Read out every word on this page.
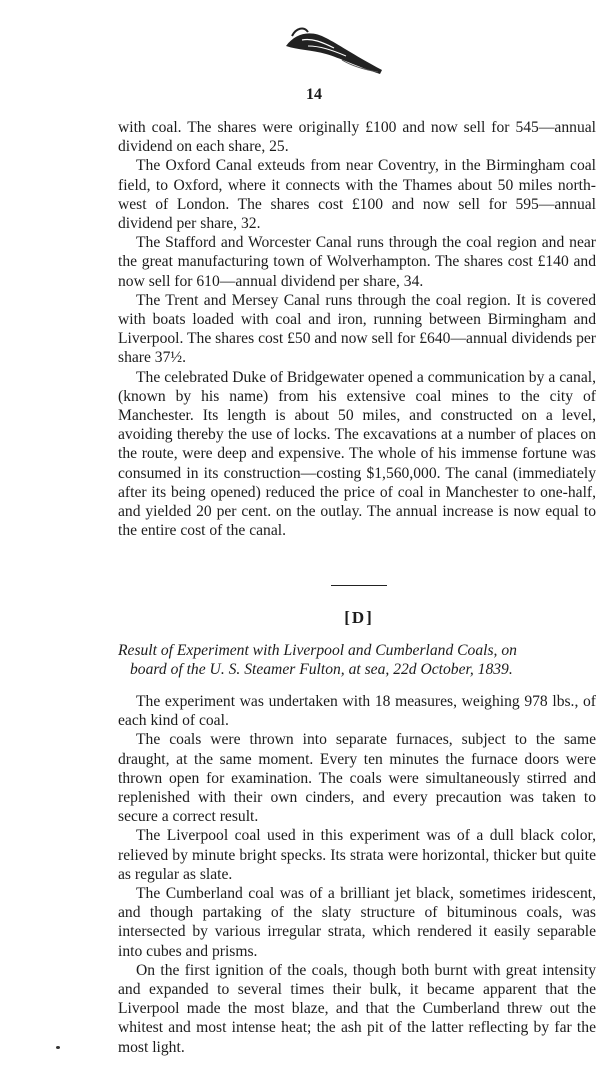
14

with coal. The shares were originally £100 and now sell for 545—annual dividend on each share, 25.

The Oxford Canal exteuds from near Coventry, in the Birmingham coal field, to Oxford, where it connects with the Thames about 50 miles north-west of London. The shares cost £100 and now sell for 595—annual dividend per share, 32.

The Stafford and Worcester Canal runs through the coal region and near the great manufacturing town of Wolverhampton. The shares cost £140 and now sell for 610—annual dividend per share, 34.

The Trent and Mersey Canal runs through the coal region. It is covered with boats loaded with coal and iron, running between Birmingham and Liverpool. The shares cost £50 and now sell for £640—annual dividends per share 37½.

The celebrated Duke of Bridgewater opened a communication by a canal, (known by his name) from his extensive coal mines to the city of Manchester. Its length is about 50 miles, and constructed on a level, avoiding thereby the use of locks. The excavations at a number of places on the route, were deep and expensive. The whole of his immense fortune was consumed in its construction—costing $1,560,000. The canal (immediately after its being opened) reduced the price of coal in Manchester to one-half, and yielded 20 per cent. on the outlay. The annual increase is now equal to the entire cost of the canal.

[D]
Result of Experiment with Liverpool and Cumberland Coals, on
board of the U. S. Steamer Fulton, at sea, 22d October, 1839.

The experiment was undertaken with 18 measures, weighing 978 lbs., of each kind of coal.

The coals were thrown into separate furnaces, subject to the same draught, at the same moment. Every ten minutes the furnace doors were thrown open for examination. The coals were simultaneously stirred and replenished with their own cinders, and every precaution was taken to secure a correct result.

The Liverpool coal used in this experiment was of a dull black color, relieved by minute bright specks. Its strata were horizontal, thicker but quite as regular as slate.

The Cumberland coal was of a brilliant jet black, sometimes iridescent, and though partaking of the slaty structure of bituminous coals, was intersected by various irregular strata, which rendered it easily separable into cubes and prisms.

On the first ignition of the coals, though both burnt with great intensity and expanded to several times their bulk, it became apparent that the Liverpool made the most blaze, and that the Cumberland threw out the whitest and most intense heat; the ash pit of the latter reflecting by far the most light.
